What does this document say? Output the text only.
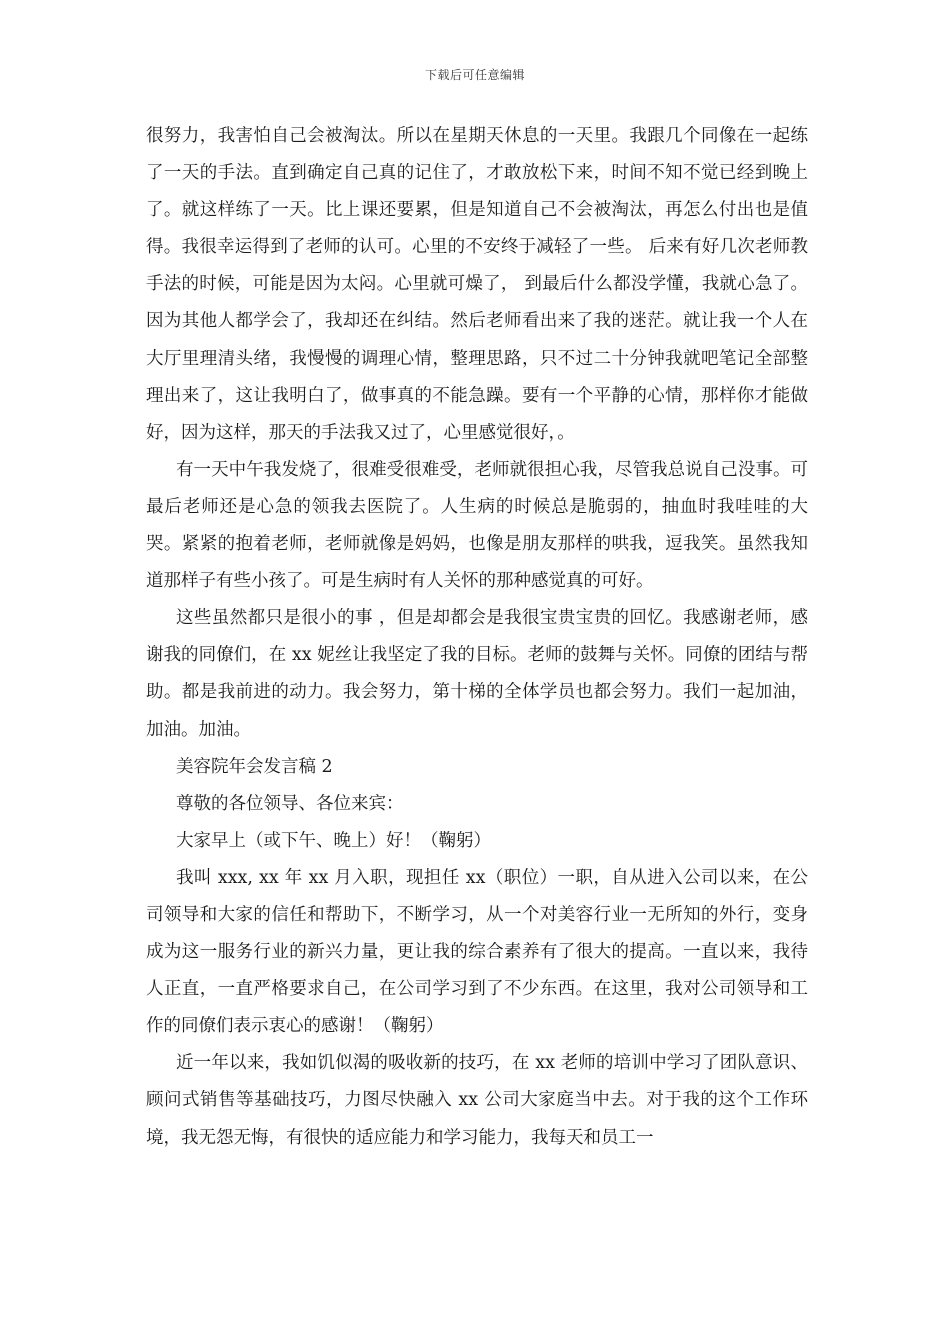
下载后可任意编辑

很努力，我害怕自己会被淘汰。所以在星期天休息的一天里。我跟几个同像在一起练了一天的手法。直到确定自己真的记住了，才敢放松下来，时间不知不觉已经到晚上了。就这样练了一天。比上课还要累，但是知道自己不会被淘汰，再怎么付出也是值得。我很幸运得到了老师的认可。心里的不安终于减轻了一些。 后来有好几次老师教手法的时候，可能是因为太闷。心里就可燥了， 到最后什么都没学懂，我就心急了。因为其他人都学会了，我却还在纠结。然后老师看出来了我的迷茫。就让我一个人在大厅里理清头绪，我慢慢的调理心情，整理思路，只不过二十分钟我就吧笔记全部整理出来了，这让我明白了，做事真的不能急躁。要有一个平静的心情，那样你才能做好，因为这样，那天的手法我又过了，心里感觉很好，。

有一天中午我发烧了，很难受很难受，老师就很担心我，尽管我总说自己没事。可最后老师还是心急的领我去医院了。人生病的时候总是脆弱的，抽血时我哇哇的大哭。紧紧的抱着老师，老师就像是妈妈，也像是朋友那样的哄我，逗我笑。虽然我知道那样子有些小孩了。可是生病时有人关怀的那种感觉真的可好。

这些虽然都只是很小的事 ，但是却都会是我很宝贵宝贵的回忆。我感谢老师，感谢我的同僚们，在 xx 妮丝让我坚定了我的目标。老师的鼓舞与关怀。同僚的团结与帮助。都是我前进的动力。我会努力，第十梯的全体学员也都会努力。我们一起加油，加油。加油。

美容院年会发言稿 2

尊敬的各位领导、各位来宾：

大家早上（或下午、晚上）好！（鞠躬）

我叫 xxx, xx 年 xx 月入职，现担任 xx（职位）一职，自从进入公司以来，在公司领导和大家的信任和帮助下，不断学习，从一个对美容行业一无所知的外行，变身成为这一服务行业的新兴力量，更让我的综合素养有了很大的提高。一直以来，我待人正直，一直严格要求自己，在公司学习到了不少东西。在这里，我对公司领导和工作的同僚们表示衷心的感谢！（鞠躬）

近一年以来，我如饥似渴的吸收新的技巧，在 xx 老师的培训中学习了团队意识、顾问式销售等基础技巧，力图尽快融入 xx 公司大家庭当中去。对于我的这个工作环境，我无怨无悔，有很快的适应能力和学习能力，我每天和员工一
